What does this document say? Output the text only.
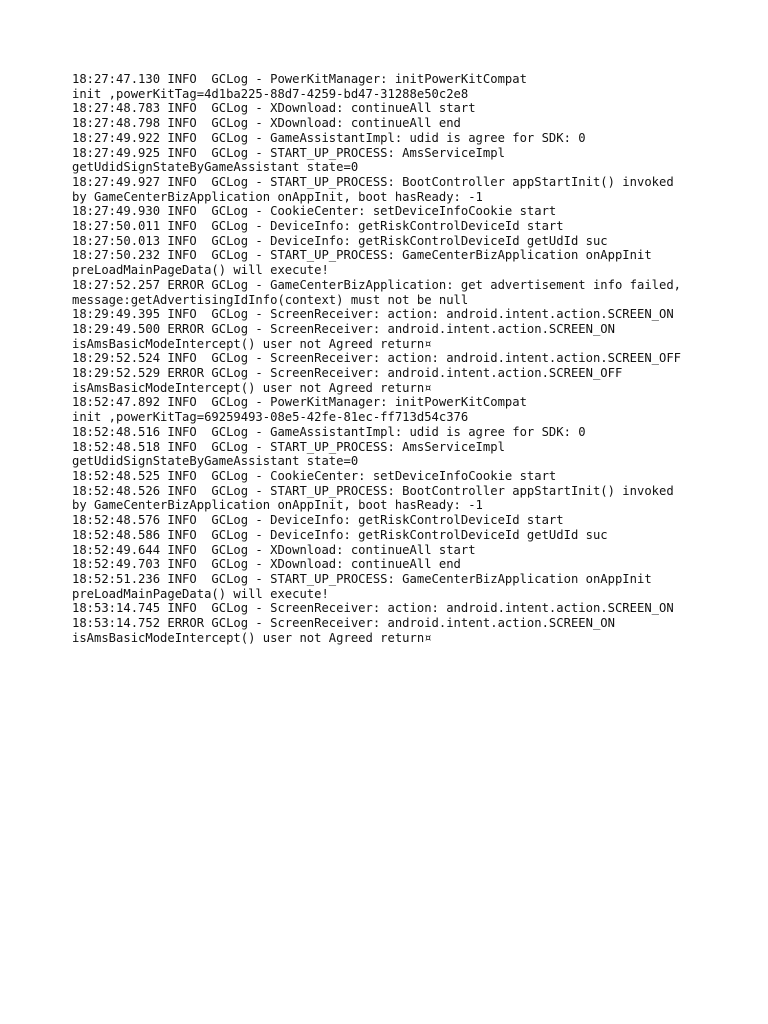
18:27:47.130 INFO  GCLog - PowerKitManager: initPowerKitCompat

init ,powerKitTag=4d1ba225-88d7-4259-bd47-31288e50c2e8

18:27:48.783 INFO  GCLog - XDownload: continueAll start

18:27:48.798 INFO  GCLog - XDownload: continueAll end

18:27:49.922 INFO  GCLog - GameAssistantImpl: udid is agree for SDK: 0

18:27:49.925 INFO  GCLog - START_UP_PROCESS: AmsServiceImpl

getUdidSignStateByGameAssistant state=0

18:27:49.927 INFO  GCLog - START_UP_PROCESS: BootController appStartInit() invoked

by GameCenterBizApplication onAppInit, boot hasReady: -1

18:27:49.930 INFO  GCLog - CookieCenter: setDeviceInfoCookie start

18:27:50.011 INFO  GCLog - DeviceInfo: getRiskControlDeviceId start

18:27:50.013 INFO  GCLog - DeviceInfo: getRiskControlDeviceId getUdId suc

18:27:50.232 INFO  GCLog - START_UP_PROCESS: GameCenterBizApplication onAppInit

preLoadMainPageData() will execute!

18:27:52.257 ERROR GCLog - GameCenterBizApplication: get advertisement info failed,

message:getAdvertisingIdInfo(context) must not be null

18:29:49.395 INFO  GCLog - ScreenReceiver: action: android.intent.action.SCREEN_ON

18:29:49.500 ERROR GCLog - ScreenReceiver: android.intent.action.SCREEN_ON

isAmsBasicModeIntercept() user not Agreed return¤

18:29:52.524 INFO  GCLog - ScreenReceiver: action: android.intent.action.SCREEN_OFF

18:29:52.529 ERROR GCLog - ScreenReceiver: android.intent.action.SCREEN_OFF

isAmsBasicModeIntercept() user not Agreed return¤

18:52:47.892 INFO  GCLog - PowerKitManager: initPowerKitCompat

init ,powerKitTag=69259493-08e5-42fe-81ec-ff713d54c376

18:52:48.516 INFO  GCLog - GameAssistantImpl: udid is agree for SDK: 0

18:52:48.518 INFO  GCLog - START_UP_PROCESS: AmsServiceImpl

getUdidSignStateByGameAssistant state=0

18:52:48.525 INFO  GCLog - CookieCenter: setDeviceInfoCookie start

18:52:48.526 INFO  GCLog - START_UP_PROCESS: BootController appStartInit() invoked

by GameCenterBizApplication onAppInit, boot hasReady: -1

18:52:48.576 INFO  GCLog - DeviceInfo: getRiskControlDeviceId start

18:52:48.586 INFO  GCLog - DeviceInfo: getRiskControlDeviceId getUdId suc

18:52:49.644 INFO  GCLog - XDownload: continueAll start

18:52:49.703 INFO  GCLog - XDownload: continueAll end

18:52:51.236 INFO  GCLog - START_UP_PROCESS: GameCenterBizApplication onAppInit

preLoadMainPageData() will execute!

18:53:14.745 INFO  GCLog - ScreenReceiver: action: android.intent.action.SCREEN_ON

18:53:14.752 ERROR GCLog - ScreenReceiver: android.intent.action.SCREEN_ON

isAmsBasicModeIntercept() user not Agreed return¤
